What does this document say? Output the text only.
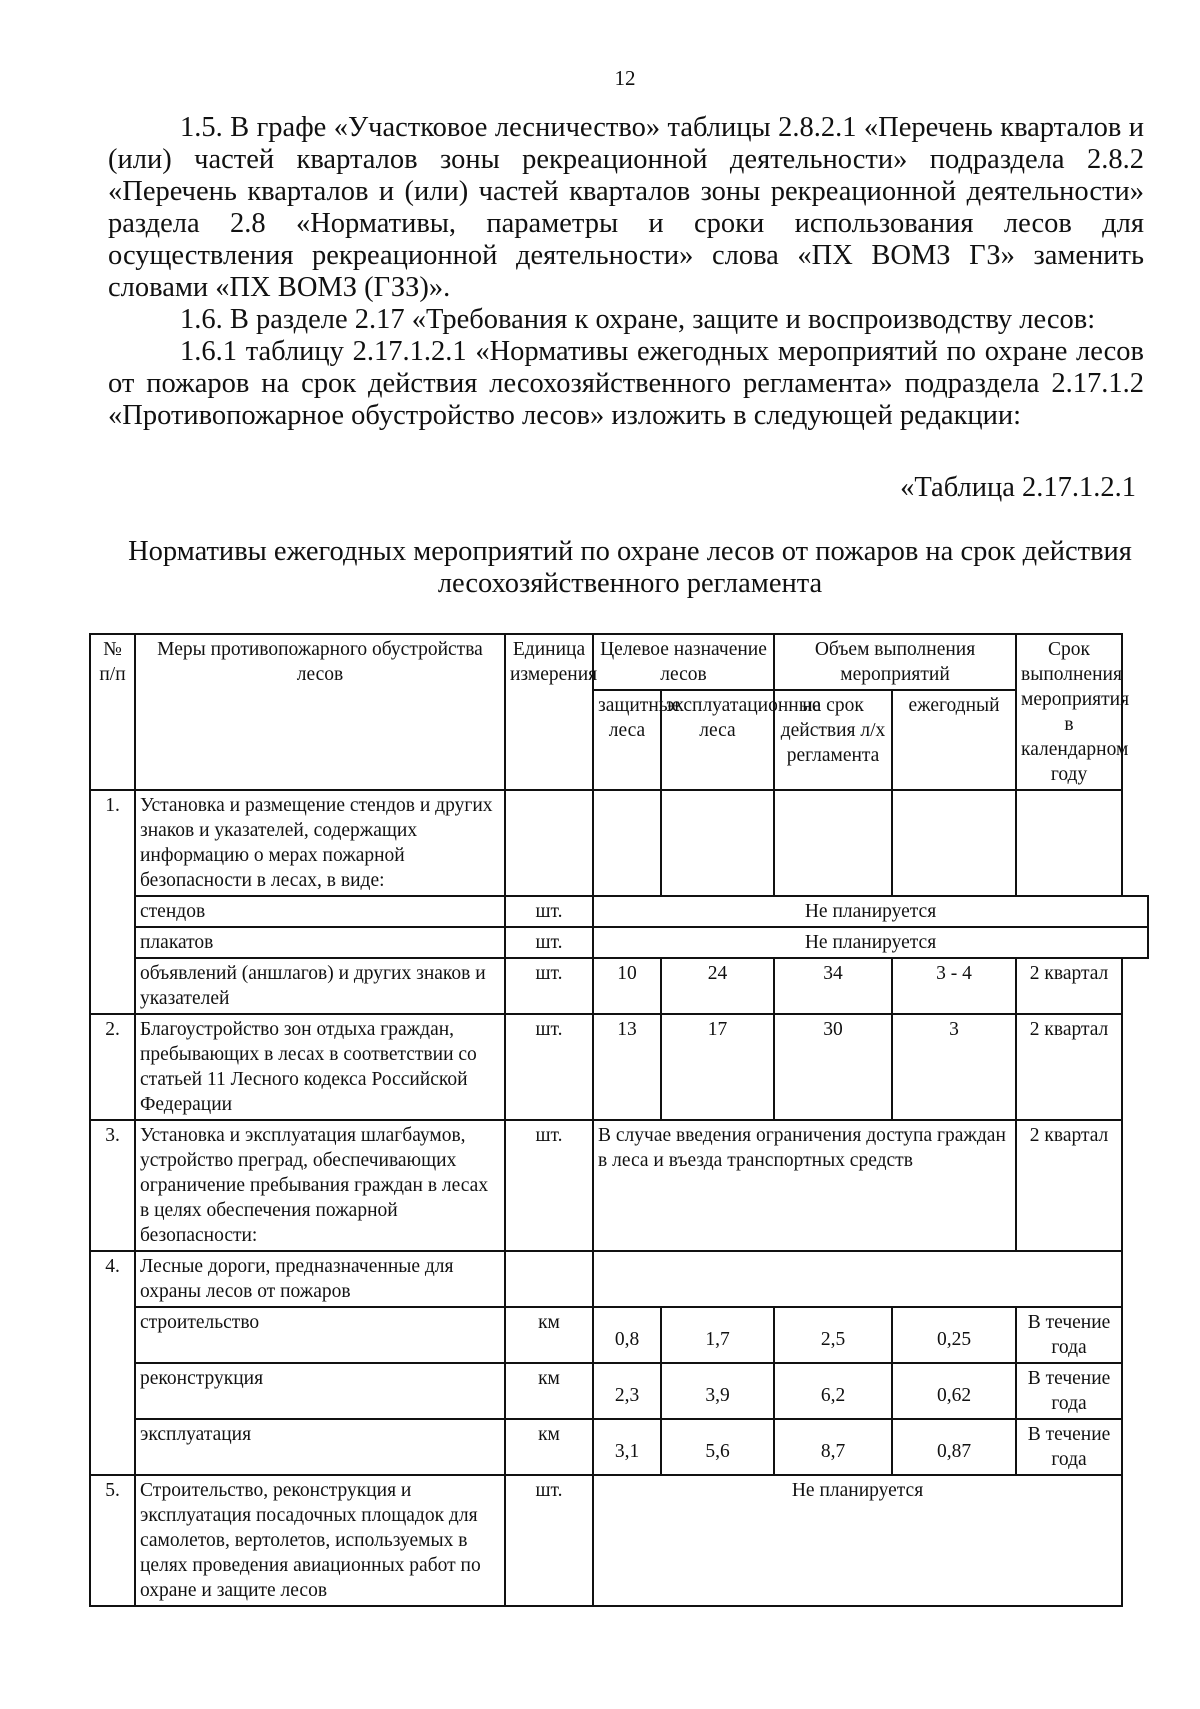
12
1.5. В графе «Участковое лесничество» таблицы 2.8.2.1 «Перечень кварталов и (или) частей кварталов зоны рекреационной деятельности» подраздела 2.8.2 «Перечень кварталов и (или) частей кварталов зоны рекреационной деятельности» раздела 2.8 «Нормативы, параметры и сроки использования лесов для осуществления рекреационной деятельности» слова «ПХ ВОМЗ ГЗ» заменить словами «ПХ ВОМЗ (ГЗЗ)».
1.6. В разделе 2.17 «Требования к охране, защите и воспроизводству лесов:
1.6.1 таблицу 2.17.1.2.1 «Нормативы ежегодных мероприятий по охране лесов от пожаров на срок действия лесохозяйственного регламента» подраздела 2.17.1.2 «Противопожарное обустройство лесов» изложить в следующей редакции:
«Таблица 2.17.1.2.1
Нормативы ежегодных мероприятий по охране лесов от пожаров на срок действия лесохозяйственного регламента
№ п/п	Меры противопожарного обустройства лесов	Единица измерения	Целевое назначение лесов		Объем выполнения мероприятий		Срок выполнения мероприятия в календарном году
			защитные леса	эксплуатационные леса	на срок действия л/х регламента	ежегодный	
1.	Установка и размещение стендов и других знаков и указателей, содержащих информацию о мерах пожарной безопасности в лесах, в виде:						
	стендов	шт.	Не планируется				
	плакатов	шт.	Не планируется				
	объявлений (аншлагов) и других знаков и указателей	шт.	10	24	34	3 - 4	2 квартал
2.	Благоустройство зон отдыха граждан, пребывающих в лесах в соответствии со статьей 11 Лесного кодекса Российской Федерации	шт.	13	17	30	3	2 квартал
3.	Установка и эксплуатация шлагбаумов, устройство преград, обеспечивающих ограничение пребывания граждан в лесах в целях обеспечения пожарной безопасности:	шт.	В случае введения ограничения доступа граждан в леса и въезда транспортных средств				2 квартал
4.	Лесные дороги, предназначенные для охраны лесов от пожаров						
	строительство	км	0,8	1,7	2,5	0,25	В течение года
	реконструкция	км	2,3	3,9	6,2	0,62	В течение года
	эксплуатация	км	3,1	5,6	8,7	0,87	В течение года
5.	Строительство, реконструкция и эксплуатация посадочных площадок для самолетов, вертолетов, используемых в целях проведения авиационных работ по охране и защите лесов	шт.	Не планируется				
